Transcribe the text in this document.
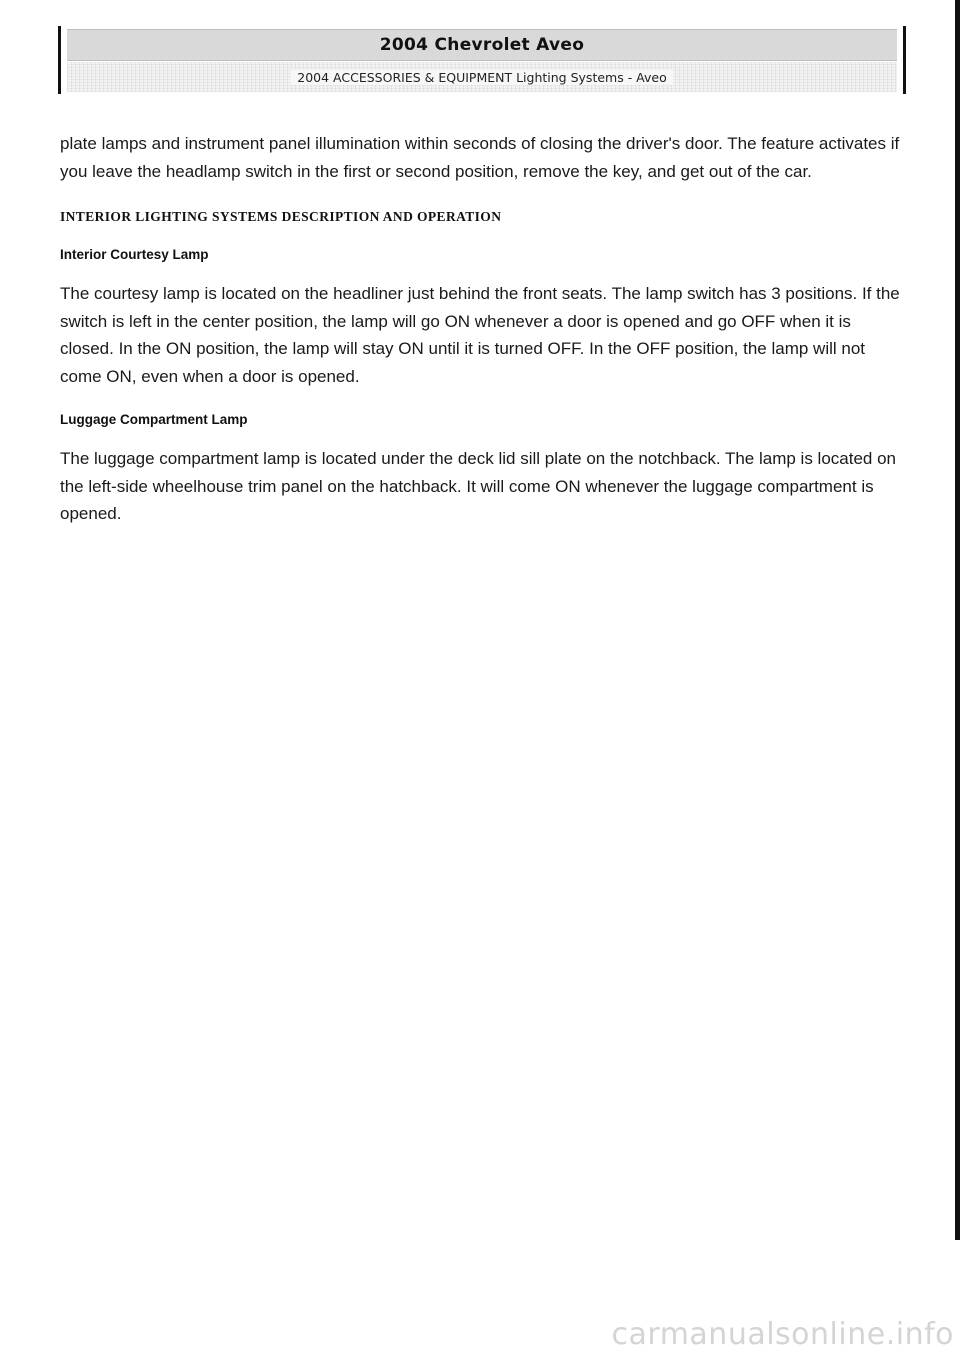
2004 Chevrolet Aveo
2004 ACCESSORIES & EQUIPMENT Lighting Systems - Aveo

plate lamps and instrument panel illumination within seconds of closing the driver's door. The feature activates if you leave the headlamp switch in the first or second position, remove the key, and get out of the car.

INTERIOR LIGHTING SYSTEMS DESCRIPTION AND OPERATION
Interior Courtesy Lamp

The courtesy lamp is located on the headliner just behind the front seats. The lamp switch has 3 positions. If the switch is left in the center position, the lamp will go ON whenever a door is opened and go OFF when it is closed. In the ON position, the lamp will stay ON until it is turned OFF. In the OFF position, the lamp will not come ON, even when a door is opened.

Luggage Compartment Lamp

The luggage compartment lamp is located under the deck lid sill plate on the notchback. The lamp is located on the left-side wheelhouse trim panel on the hatchback. It will come ON whenever the luggage compartment is opened.

carmanualsonline.info
